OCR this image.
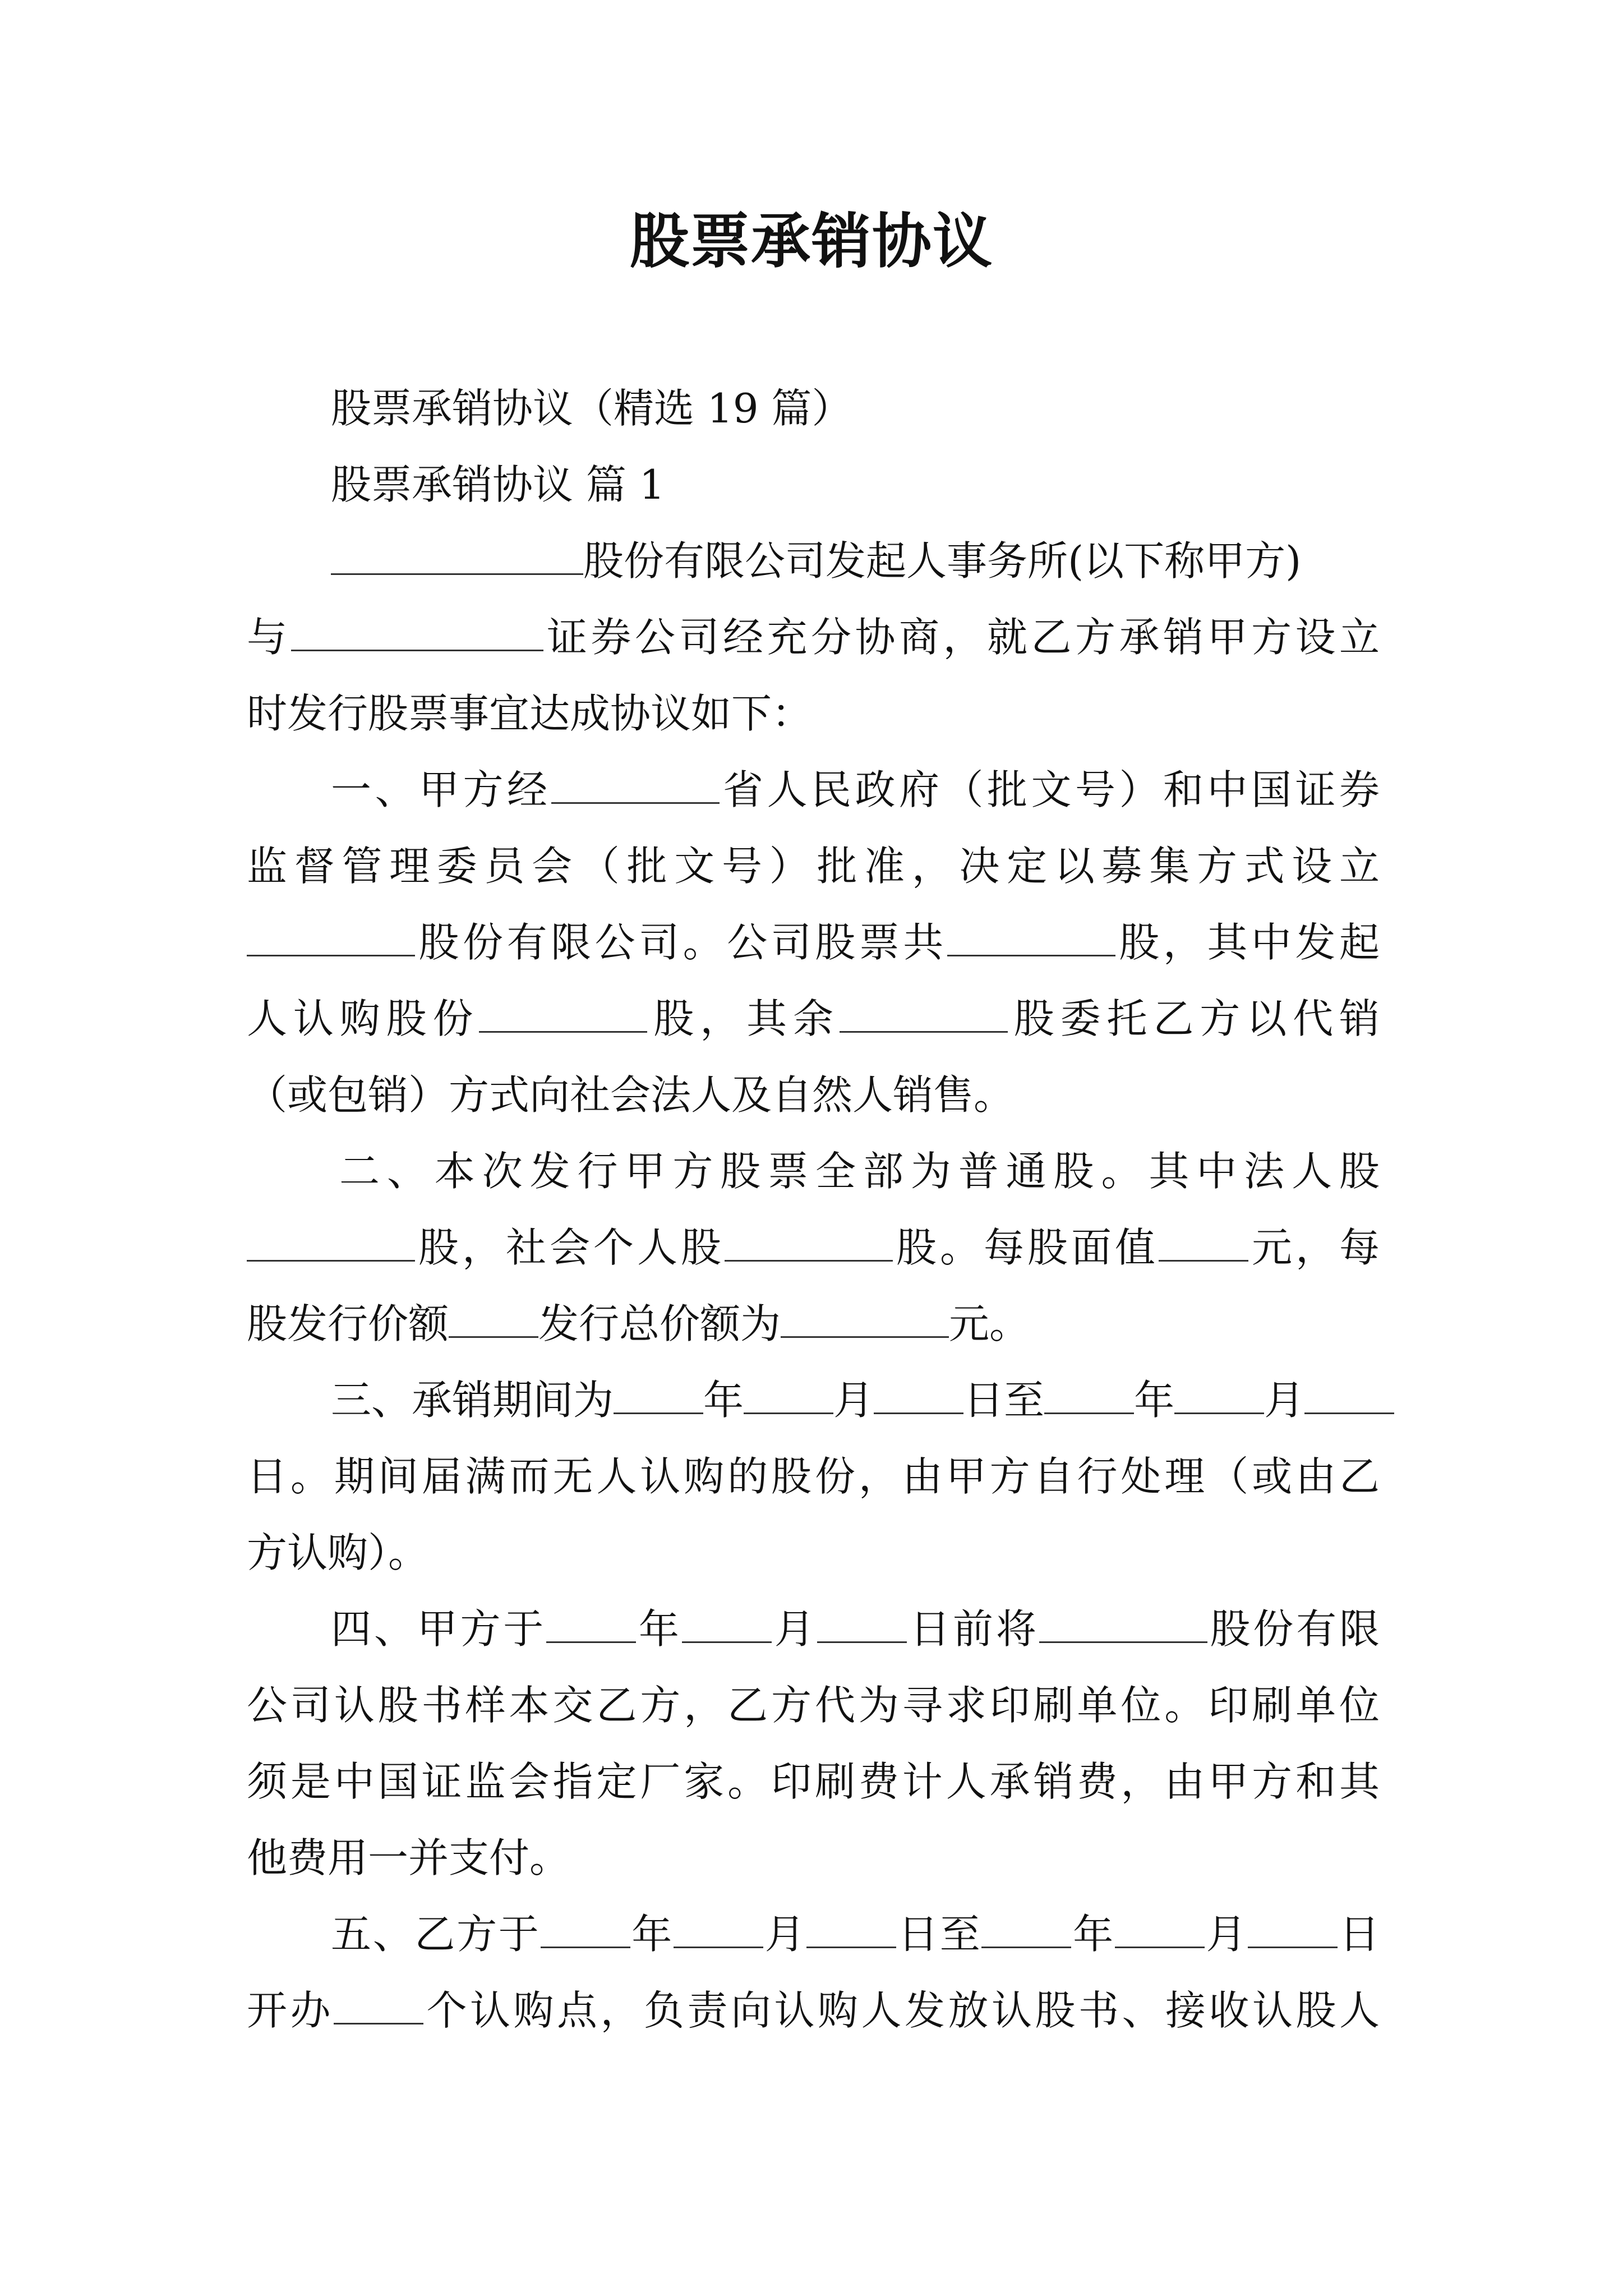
股票承销协议
股票承销协议（精选 19 篇）
股票承销协议 篇 1
股份有限公司发起人事务所(以下称甲方)
与	证券公司经充分协商，就乙方承销甲方设立
时发行股票事宜达成协议如下：
一、甲方经	省人民政府（批文号）和中国证券
监督管理委员会（批文号）批准，决定以募集方式设立
股份有限公司。公司股票共	股，其中发起
人认购股份	股，其余	股委托乙方以代销
（或包销）方式向社会法人及自然人销售。
二、本次发行甲方股票全部为普通股。其中法人股
股，社会个人股	股。每股面值 元，每
股发行价额 发行总价额为	元。
三、承销期间为 年 月 日至 年 月
日。期间届满而无人认购的股份，由甲方自行处理（或由乙
方认购）。
四、甲方于 年 月 日前将	股份有限
公司认股书样本交乙方，乙方代为寻求印刷单位。印刷单位
须是中国证监会指定厂家。印刷费计人承销费，由甲方和其
他费用一并支付。
五、乙方于 年 月 日至 年 月 日
开办 个认购点，负责向认购人发放认股书、接收认股人
